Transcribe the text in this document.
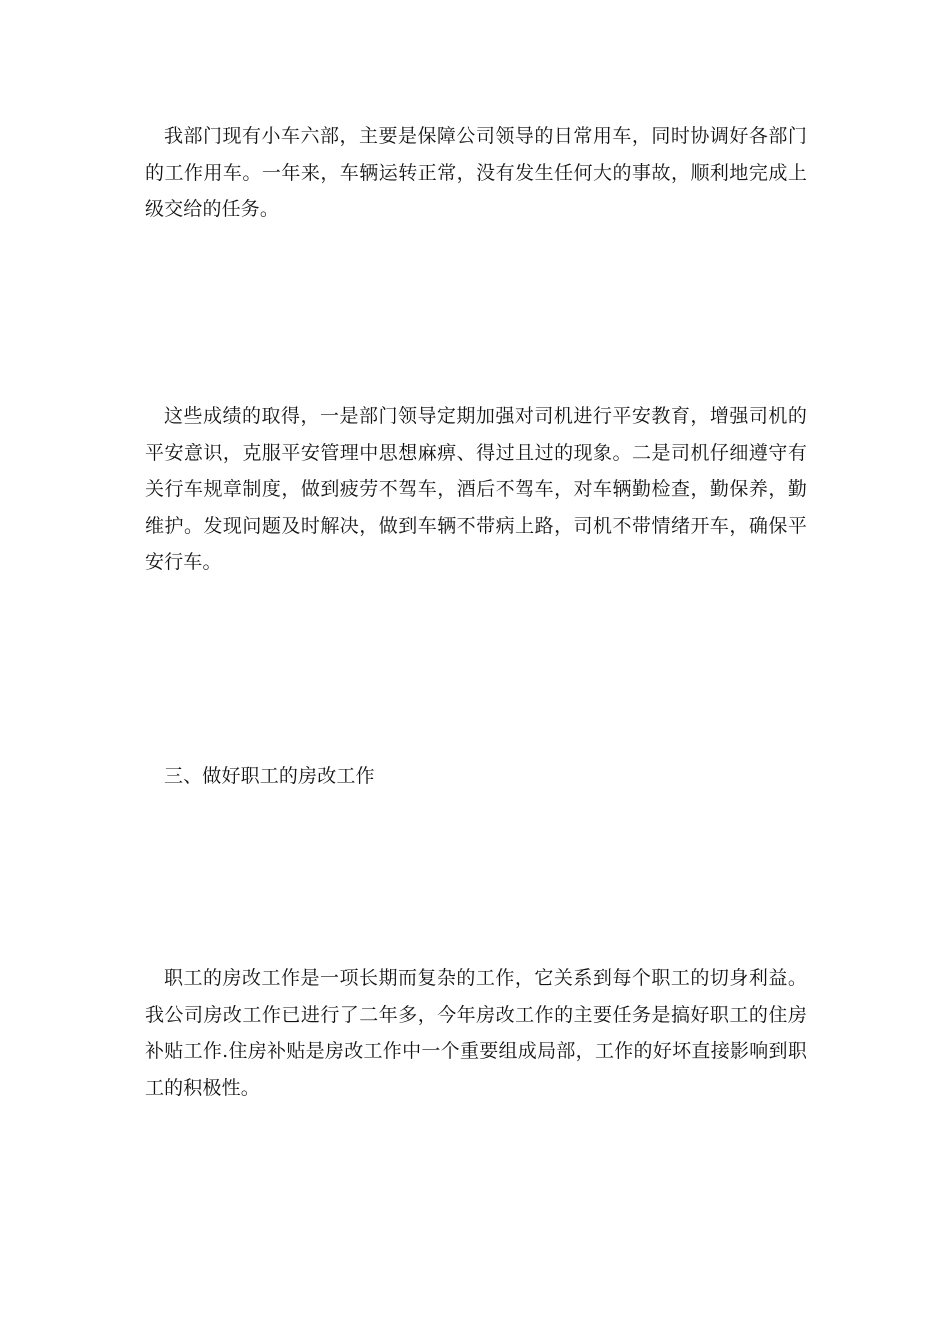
我部门现有小车六部，主要是保障公司领导的日常用车，同时协调好各部门的工作用车。一年来，车辆运转正常，没有发生任何大的事故，顺利地完成上级交给的任务。

这些成绩的取得，一是部门领导定期加强对司机进行平安教育，增强司机的平安意识，克服平安管理中思想麻痹、得过且过的现象。二是司机仔细遵守有关行车规章制度，做到疲劳不驾车，酒后不驾车，对车辆勤检查，勤保养，勤维护。发现问题及时解决，做到车辆不带病上路，司机不带情绪开车，确保平安行车。

三、做好职工的房改工作

职工的房改工作是一项长期而复杂的工作，它关系到每个职工的切身利益。我公司房改工作已进行了二年多，今年房改工作的主要任务是搞好职工的住房补贴工作.住房补贴是房改工作中一个重要组成局部，工作的好坏直接影响到职工的积极性。
